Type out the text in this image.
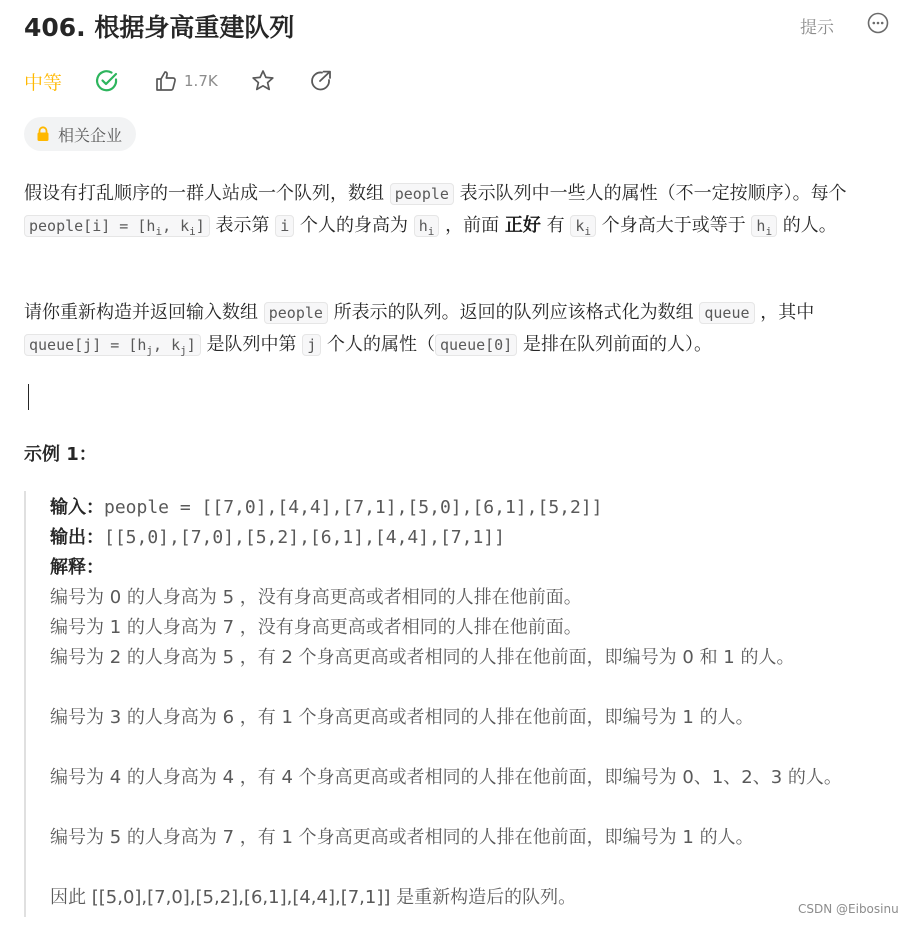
406. 根据身高重建队列	提示
中等	1.7K
相关企业
假设有打乱顺序的一群人站成一个队列，数组 people 表示队列中一些人的属性（不一定按顺序）。每个 people[i] = [$h_i$, $k_i$] 表示第 i 个人的身高为 $h_i$ ，前面 正好 有 $k_i$ 个身高大于或等于 $h_i$ 的人。
请你重新构造并返回输入数组 people 所表示的队列。返回的队列应该格式化为数组 queue ，其中 queue[j] = [$h_j$, $k_j$] 是队列中第 j 个人的属性（ queue[0] 是排在队列前面的人）。
示例 1：
输入：people = [[7,0],[4,4],[7,1],[5,0],[6,1],[5,2]]
输出：[[5,0],[7,0],[5,2],[6,1],[4,4],[7,1]]
解释：
编号为 0 的人身高为 5 ，没有身高更高或者相同的人排在他前面。
编号为 1 的人身高为 7 ，没有身高更高或者相同的人排在他前面。
编号为 2 的人身高为 5 ，有 2 个身高更高或者相同的人排在他前面，即编号为 0 和 1 的人。
编号为 3 的人身高为 6 ，有 1 个身高更高或者相同的人排在他前面，即编号为 1 的人。
编号为 4 的人身高为 4 ，有 4 个身高更高或者相同的人排在他前面，即编号为 0、1、2、3 的人。
编号为 5 的人身高为 7 ，有 1 个身高更高或者相同的人排在他前面，即编号为 1 的人。
因此 [[5,0],[7,0],[5,2],[6,1],[4,4],[7,1]] 是重新构造后的队列。
CSDN @Eibosinu
